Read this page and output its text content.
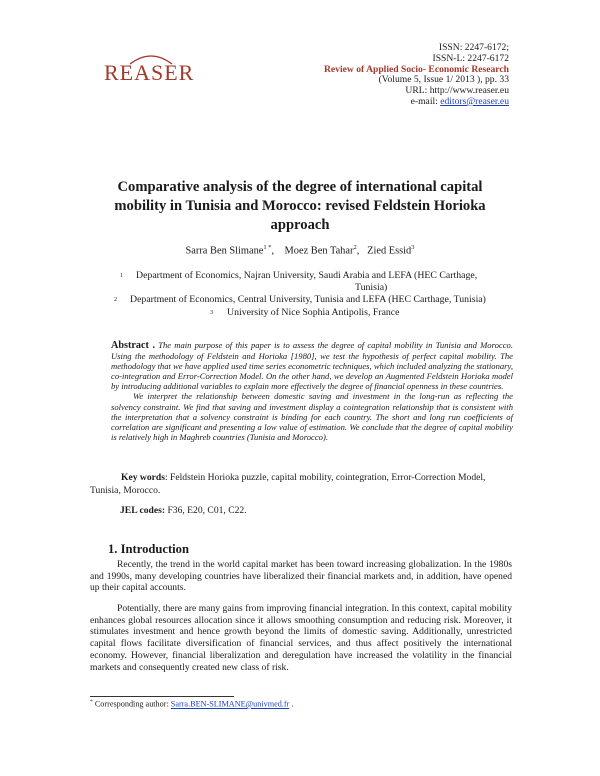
REASER
ISSN: 2247-6172;
ISSN-L: 2247-6172
Review of Applied Socio- Economic Research
(Volume 5, Issue 1/ 2013 ), pp. 33
URL: http://www.reaser.eu
e-mail: editors@reaser.eu
Comparative analysis of the degree of international capital mobility in Tunisia and Morocco: revised Feldstein Horioka approach
Sarra Ben Slimane$^{1 *}$,    Moez Ben Tahar$^2$,   Zied Essid$^3$
$^1$ Department of Economics, Najran University, Saudi Arabia and LEFA (HEC Carthage,
Tunisia)
$^2$ Department of Economics, Central University, Tunisia and LEFA (HEC Carthage, Tunisia)
$^3$ University of Nice Sophia Antipolis, France

Abstract . The main purpose of this paper is to assess the degree of capital mobility in Tunisia and Morocco. Using the methodology of Feldstein and Horioka [1980], we test the hypothesis of perfect capital mobility. The methodology that we have applied used time series econometric techniques, which included analyzing the stationary, co-integration and Error-Correction Model. On the other hand, we develop an Augmented Feldstein Horioka model by introducing additional variables to explain more effectively the degree of financial openness in these countries.

We interpret the relationship between domestic saving and investment in the long-run as reflecting the solvency constraint. We find that saving and investment display a cointegration relationship that is consistent with the interpretation that a solvency constraint is binding for each country. The short and long run coefficients of correlation are significant and presenting a low value of estimation. We conclude that the degree of capital mobility is relatively high in Maghreb countries (Tunisia and Morocco).

Key words: Feldstein Horioka puzzle, capital mobility, cointegration, Error-Correction Model, Tunisia, Morocco.
JEL codes: F36, E20, C01, C22.
1. Introduction

Recently, the trend in the world capital market has been toward increasing globalization. In the 1980s and 1990s, many developing countries have liberalized their financial markets and, in addition, have opened up their capital accounts.

Potentially, there are many gains from improving financial integration. In this context, capital mobility enhances global resources allocation since it allows smoothing consumption and reducing risk. Moreover, it stimulates investment and hence growth beyond the limits of domestic saving. Additionally, unrestricted capital flows facilitate diversification of financial services, and thus affect positively the international economy. However, financial liberalization and deregulation have increased the volatility in the financial markets and consequently created new class of risk.

* Corresponding author: Sarra.BEN-SLIMANE@univmed.fr .
